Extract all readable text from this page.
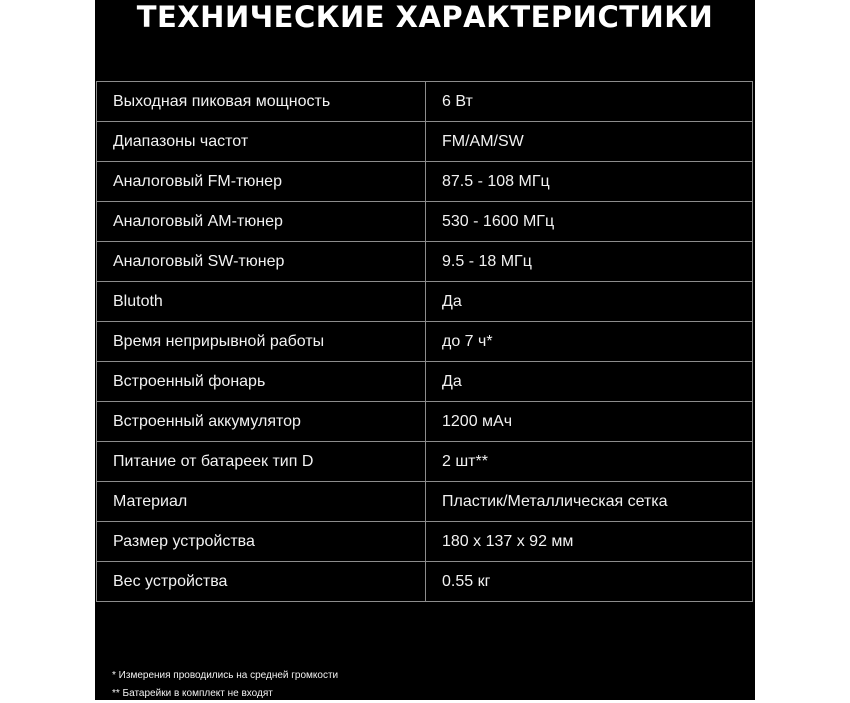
ТЕХНИЧЕСКИЕ ХАРАКТЕРИСТИКИ
Выходная пиковая мощность	6 Вт
Диапазоны частот	FM/AM/SW
Аналоговый FM-тюнер	87.5 - 108 МГц
Аналоговый АМ-тюнер	530 - 1600 МГц
Аналоговый SW-тюнер	9.5 - 18 МГц
Blutoth	Да
Время неприрывной работы	до 7 ч*
Встроенный фонарь	Да
Встроенный аккумулятор	1200 мАч
Питание от батареек тип D	2 шт**
Материал	Пластик/Металлическая сетка
Размер устройства	180 x 137 x 92 мм
Вес устройства	0.55 кг
* Измерения проводились на средней громкости
** Батарейки в комплект не входят
